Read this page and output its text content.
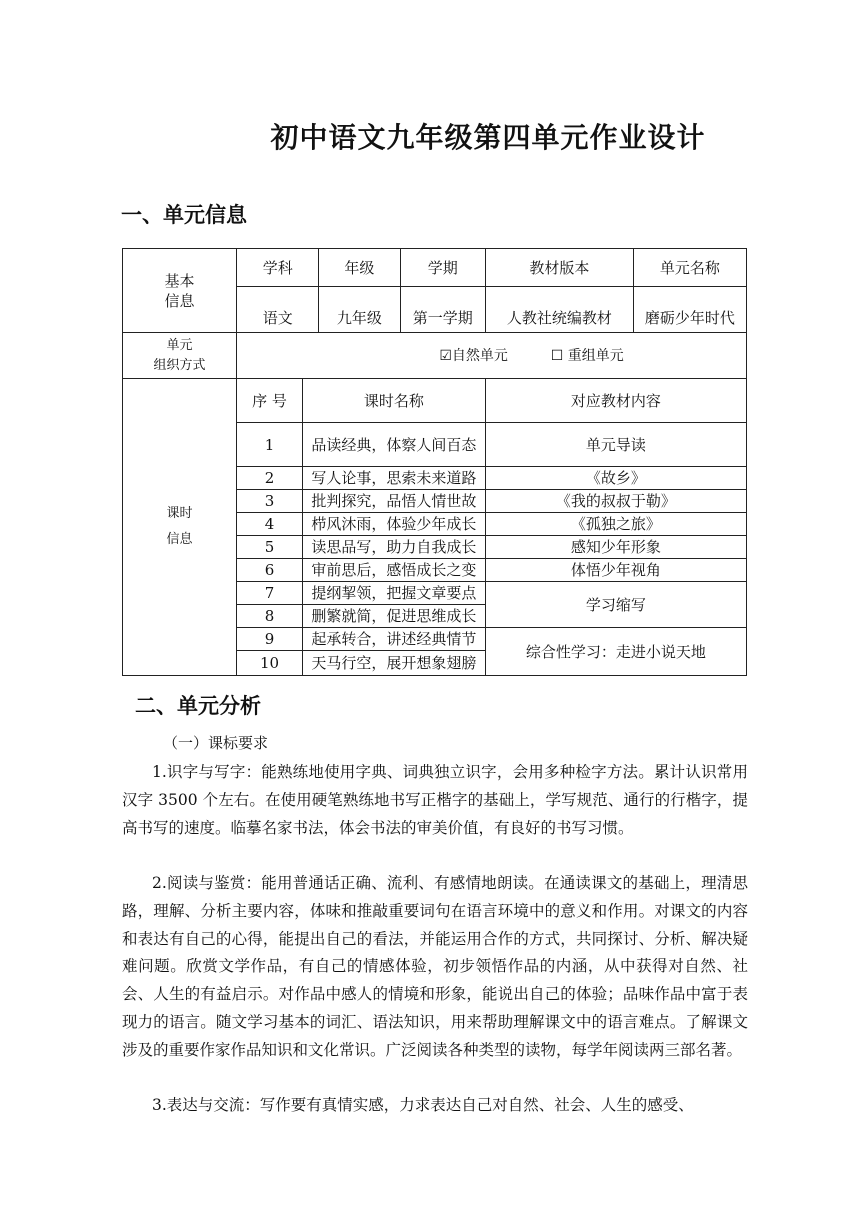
初中语文九年级第四单元作业设计
一、单元信息
基本
信息	学科		年级	学期	教材版本	单元名称
	语文		九年级	第一学期	人教社统编教材	磨砺少年时代
单元
组织方式	☑自然单元 ☐ 重组单元					
课时
信息	序 号	课时名称			对应教材内容	
	1	品读经典，体察人间百态			单元导读	
	2	写人论事，思索未来道路			《故乡》	
	3	批判探究，品悟人情世故			《我的叔叔于勒》	
	4	栉风沐雨，体验少年成长			《孤独之旅》	
	5	读思品写，助力自我成长			感知少年形象	
	6	审前思后，感悟成长之变			体悟少年视角	
	7	提纲挈领，把握文章要点			学习缩写	
	8	删繁就简，促进思维成长				
	9	起承转合，讲述经典情节			综合性学习：走进小说天地	
	10	天马行空，展开想象翅膀				
二、单元分析
（一）课标要求
1.识字与写字：能熟练地使用字典、词典独立识字，会用多种检字方法。累计认识常用汉字 3500 个左右。在使用硬笔熟练地书写正楷字的基础上，学写规范、通行的行楷字，提高书写的速度。临摹名家书法，体会书法的审美价值，有良好的书写习惯。
2.阅读与鉴赏：能用普通话正确、流利、有感情地朗读。在通读课文的基础上，理清思路，理解、分析主要内容，体味和推敲重要词句在语言环境中的意义和作用。对课文的内容和表达有自己的心得，能提出自己的看法，并能运用合作的方式，共同探讨、分析、解决疑难问题。欣赏文学作品，有自己的情感体验，初步领悟作品的内涵，从中获得对自然、社会、人生的有益启示。对作品中感人的情境和形象，能说出自己的体验；品味作品中富于表现力的语言。随文学习基本的词汇、语法知识，用来帮助理解课文中的语言难点。了解课文涉及的重要作家作品知识和文化常识。广泛阅读各种类型的读物，每学年阅读两三部名著。
3.表达与交流：写作要有真情实感，力求表达自己对自然、社会、人生的感受、
